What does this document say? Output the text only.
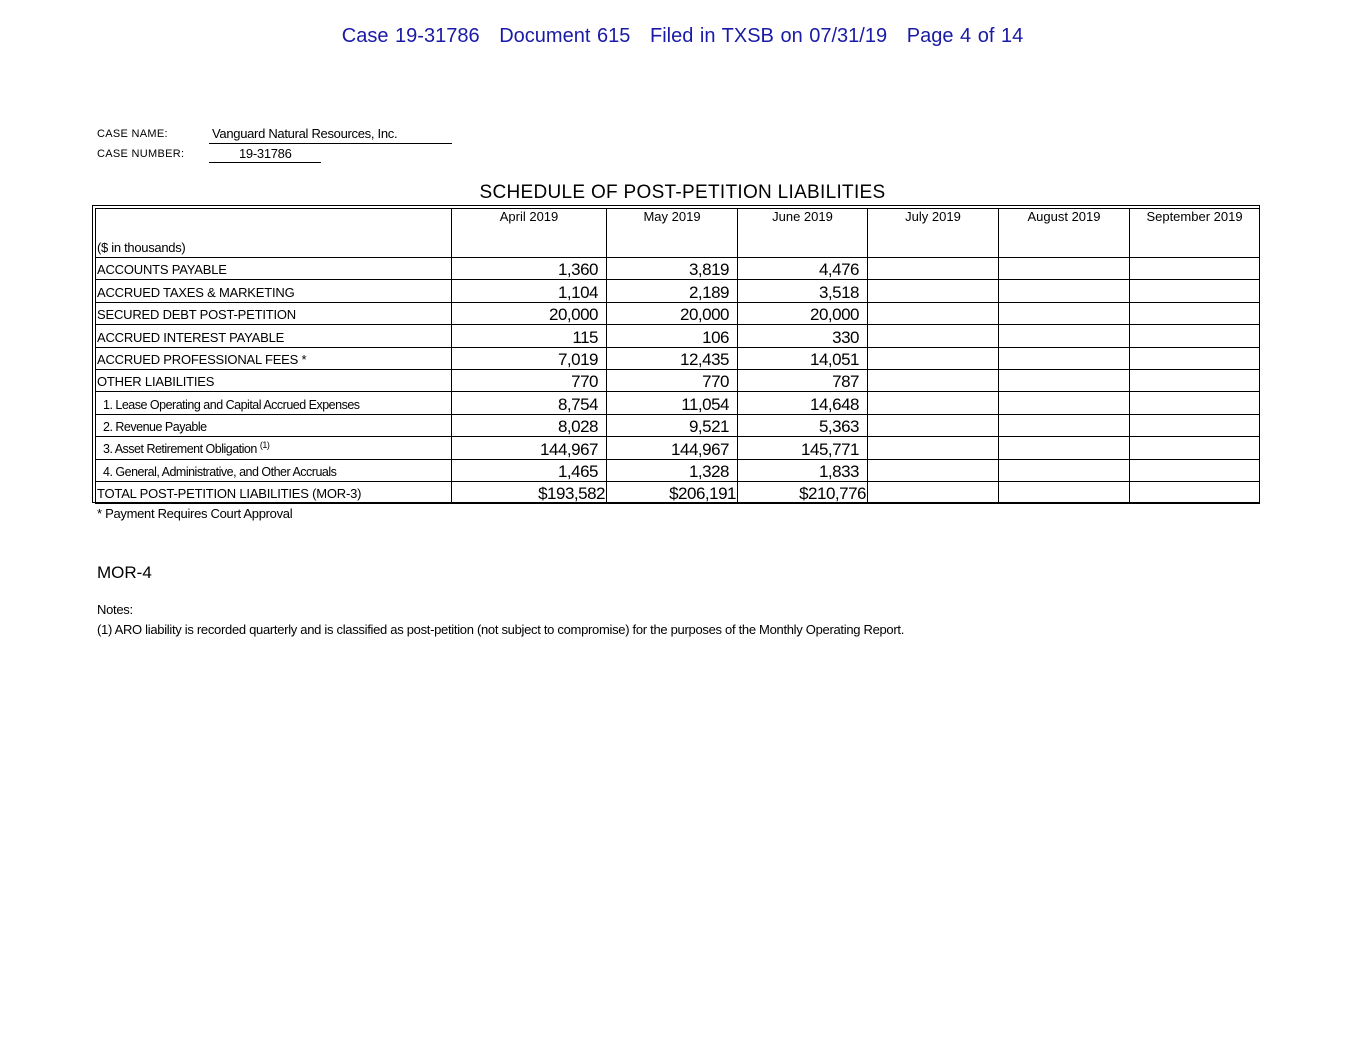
Case 19-31786   Document 615   Filed in TXSB on 07/31/19   Page 4 of 14
CASE NAME:	Vanguard Natural Resources, Inc.
CASE NUMBER:	19-31786
SCHEDULE OF POST-PETITION LIABILITIES
($ in thousands)	April 2019	May 2019	June 2019	July 2019	August 2019	September 2019
ACCOUNTS PAYABLE	1,360	3,819	4,476			
ACCRUED TAXES & MARKETING	1,104	2,189	3,518			
SECURED DEBT POST-PETITION	20,000	20,000	20,000			
ACCRUED INTEREST PAYABLE	115	106	330			
ACCRUED PROFESSIONAL FEES *	7,019	12,435	14,051			
OTHER LIABILITIES	770	770	787			
1. Lease Operating and Capital Accrued Expenses	8,754	11,054	14,648			
2. Revenue Payable	8,028	9,521	5,363			
3. Asset Retirement Obligation $^{(1)}$	144,967	144,967	145,771			
4. General, Administrative, and Other Accruals	1,465	1,328	1,833			
TOTAL POST-PETITION LIABILITIES (MOR-3)	$193,582	$206,191	$210,776			
* Payment Requires Court Approval
MOR-4
Notes:
(1) ARO liability is recorded quarterly and is classified as post-petition (not subject to compromise) for the purposes of the Monthly Operating Report.
